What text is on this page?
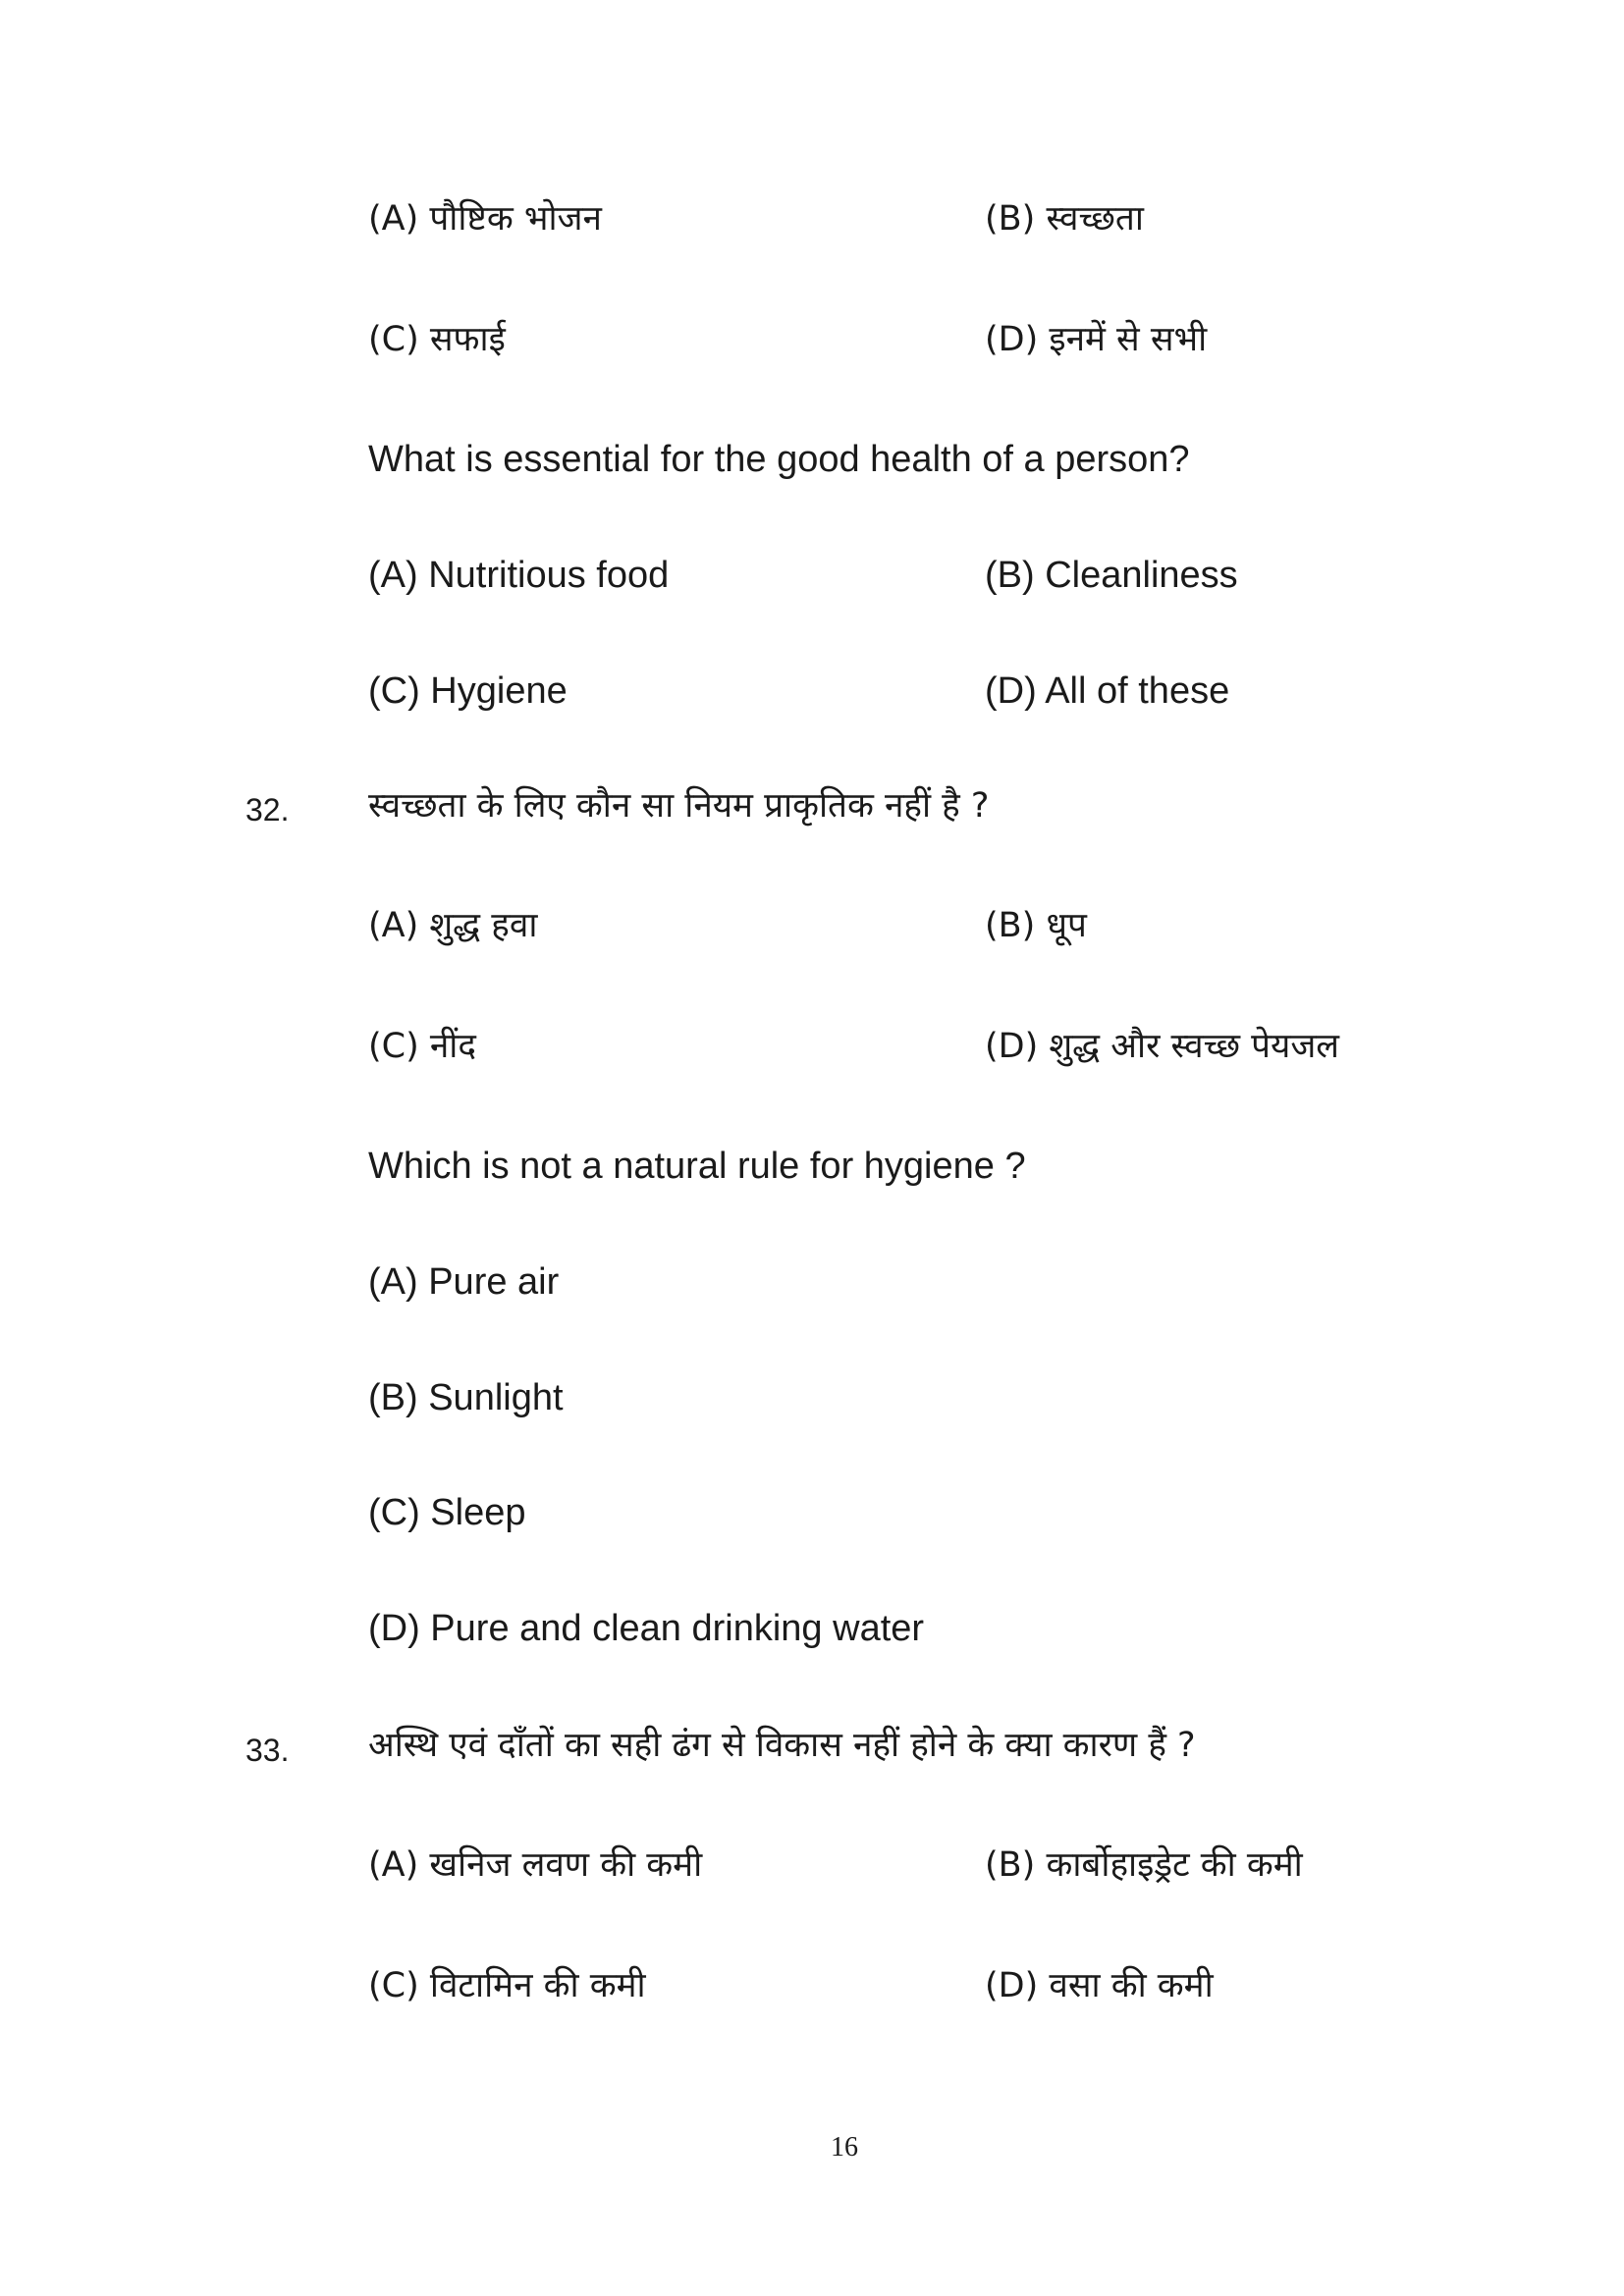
(A) पौष्टिक भोजन	(B) स्वच्छता
(C) सफाई	(D) इनमें से सभी
What is essential for the good health of a person?
(A) Nutritious food	(B) Cleanliness
(C) Hygiene	(D) All of these
32. स्वच्छता के लिए कौन सा नियम प्राकृतिक नहीं है ?
(A) शुद्ध हवा	(B) धूप
(C) नींद	(D) शुद्ध और स्वच्छ पेयजल
Which is not a natural rule for hygiene ?
(A) Pure air
(B) Sunlight
(C) Sleep
(D) Pure and clean drinking water
33. अस्थि एवं दाँतों का सही ढंग से विकास नहीं होने के क्या कारण हैं ?
(A) खनिज लवण की कमी	(B) कार्बोहाइड्रेट की कमी
(C) विटामिन की कमी	(D) वसा की कमी
16
